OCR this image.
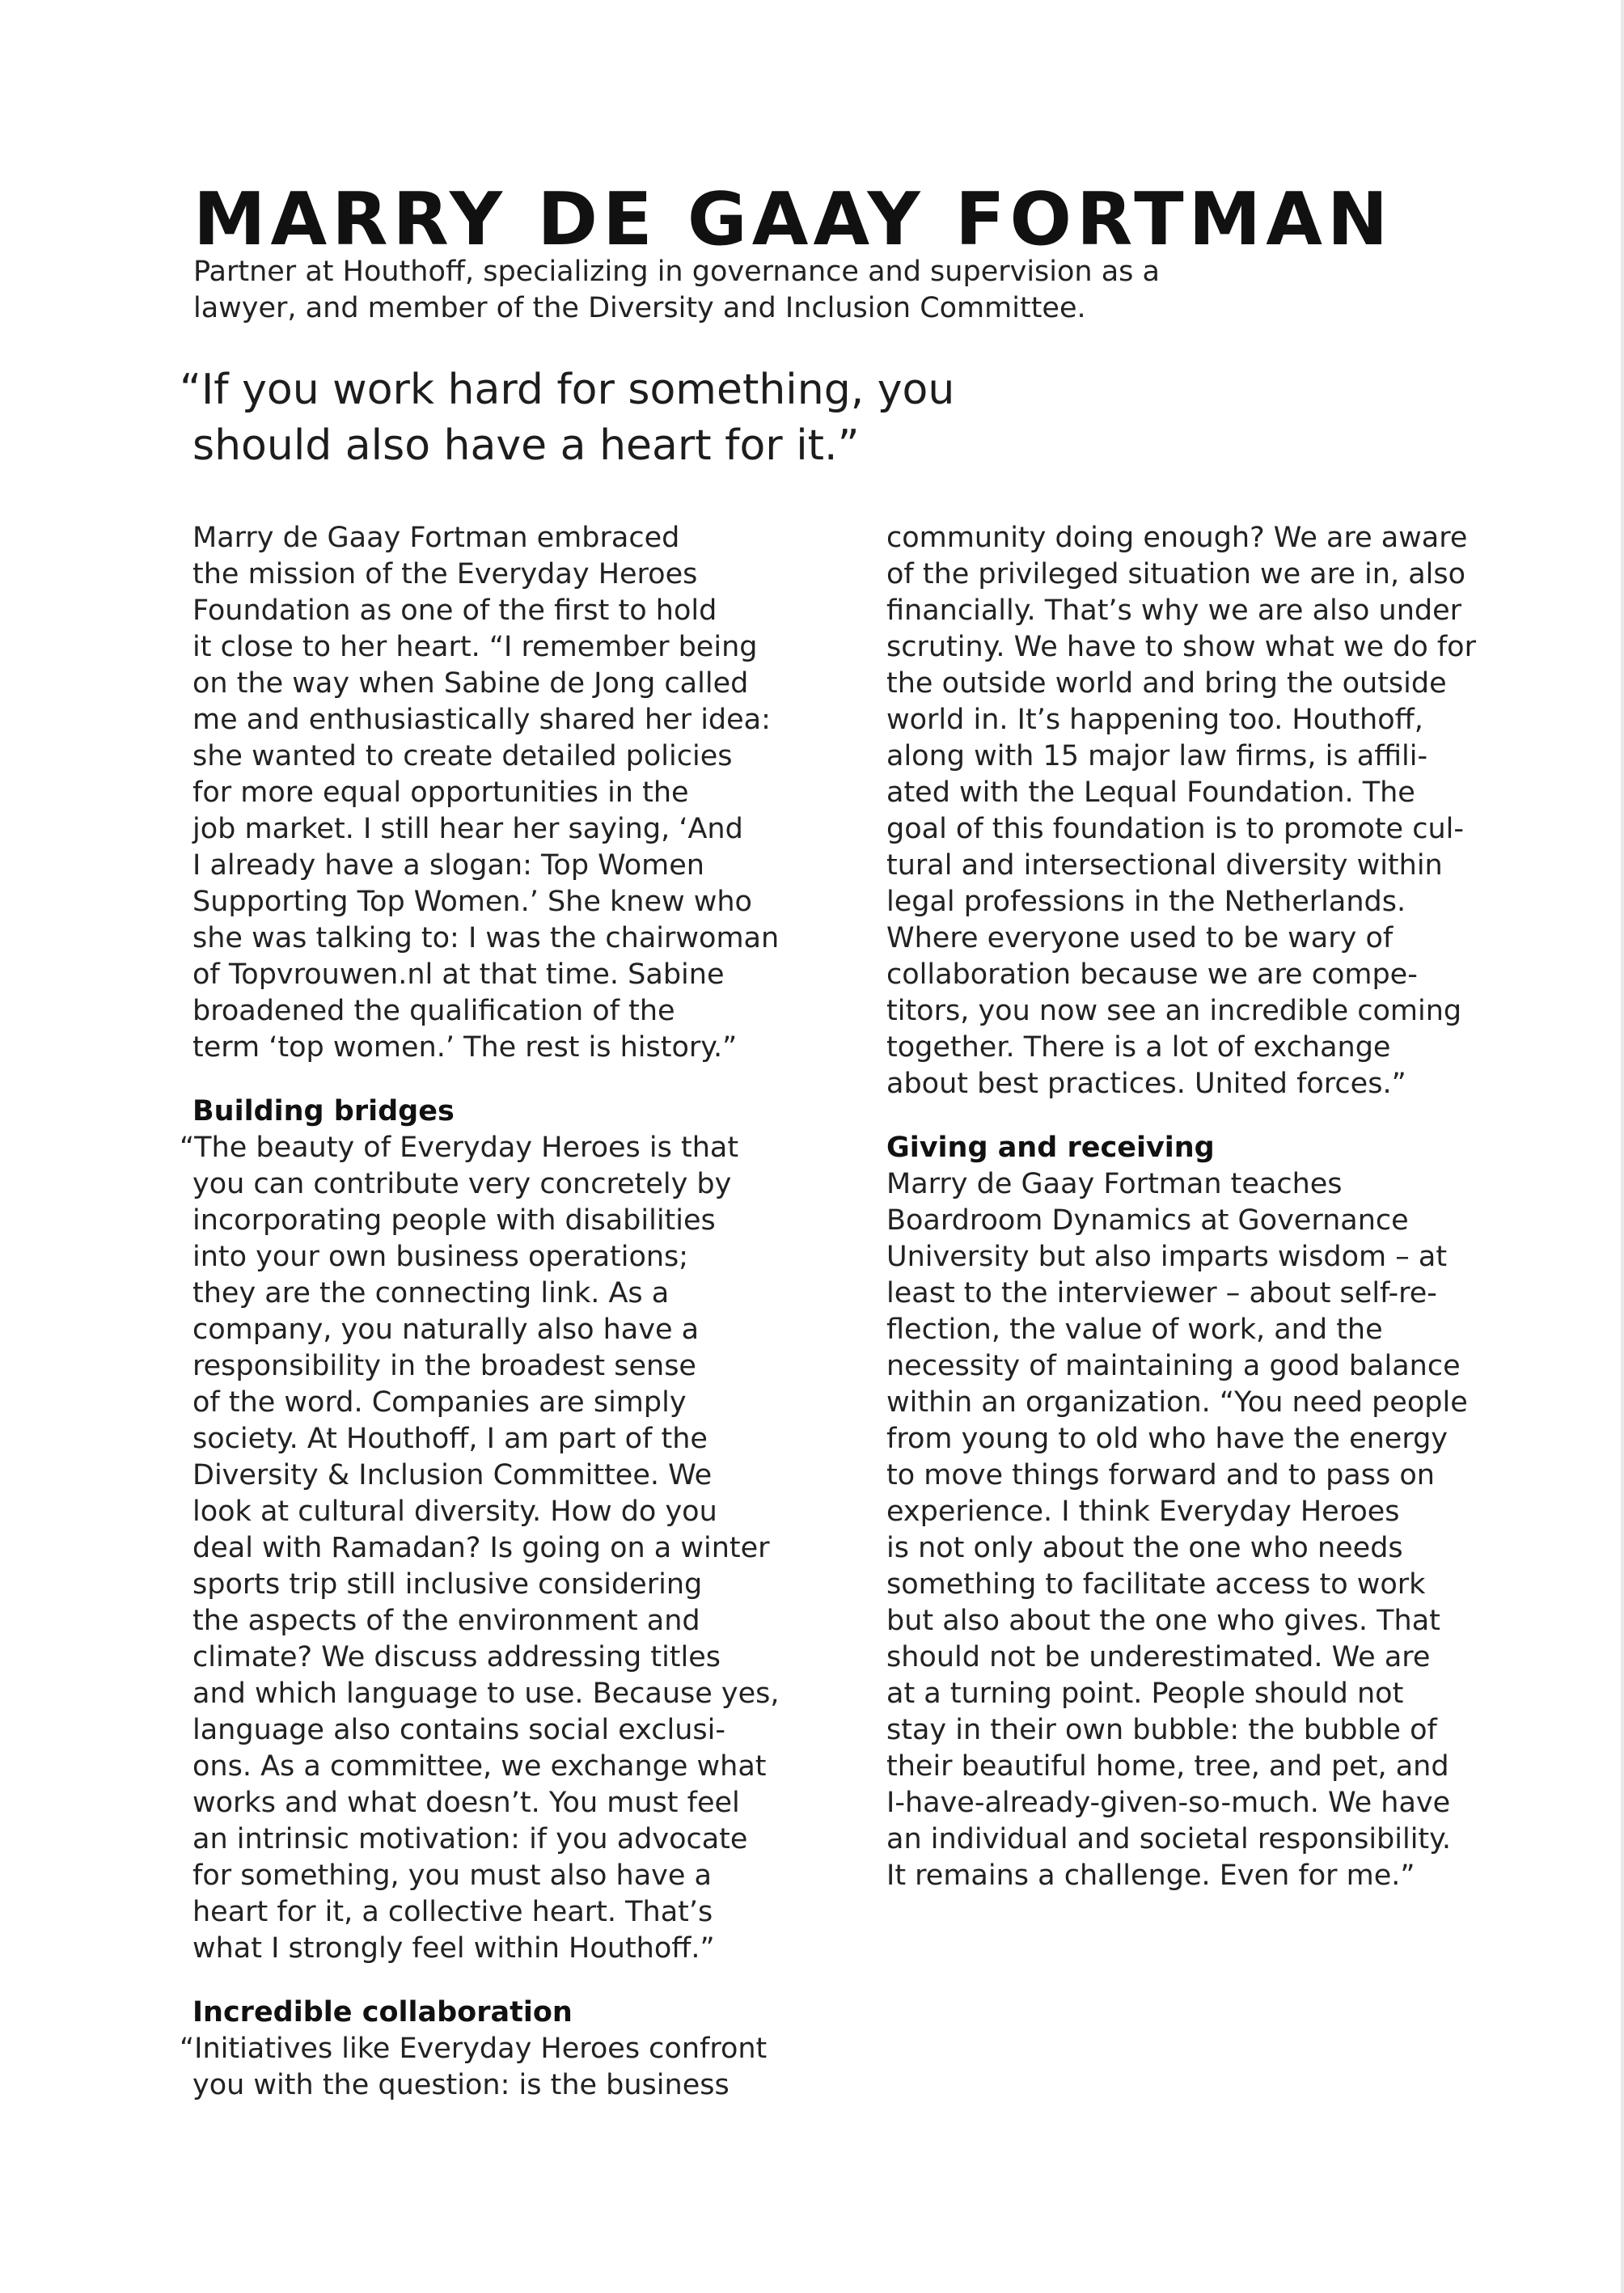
MARRY DE GAAY FORTMAN

Partner at Houthoff, specializing in governance and supervision as a
lawyer, and member of the Diversity and Inclusion Committee.

“If you work hard for something, you
should also have a heart for it.”

Marry de Gaay Fortman embraced
the mission of the Everyday Heroes
Foundation as one of the first to hold
it close to her heart. “I remember being
on the way when Sabine de Jong called
me and enthusiastically shared her idea:
she wanted to create detailed policies
for more equal opportunities in the
job market. I still hear her saying, ‘And
I already have a slogan: Top Women
Supporting Top Women.’ She knew who
she was talking to: I was the chairwoman
of Topvrouwen.nl at that time. Sabine
broadened the qualification of the
term ‘top women.’ The rest is history.”

Building bridges

“The beauty of Everyday Heroes is that
you can contribute very concretely by
incorporating people with disabilities
into your own business operations;
they are the connecting link. As a
company, you naturally also have a
responsibility in the broadest sense
of the word. Companies are simply
society. At Houthoff, I am part of the
Diversity & Inclusion Committee. We
look at cultural diversity. How do you
deal with Ramadan? Is going on a winter
sports trip still inclusive considering
the aspects of the environment and
climate? We discuss addressing titles
and which language to use. Because yes,
language also contains social exclusi-
ons. As a committee, we exchange what
works and what doesn’t. You must feel
an intrinsic motivation: if you advocate
for something, you must also have a
heart for it, a collective heart. That’s
what I strongly feel within Houthoff.”

Incredible collaboration

“Initiatives like Everyday Heroes confront
you with the question: is the business

community doing enough? We are aware
of the privileged situation we are in, also
financially. That’s why we are also under
scrutiny. We have to show what we do for
the outside world and bring the outside
world in. It’s happening too. Houthoff,
along with 15 major law firms, is affili-
ated with the Lequal Foundation. The
goal of this foundation is to promote cul-
tural and intersectional diversity within
legal professions in the Netherlands.
Where everyone used to be wary of
collaboration because we are compe-
titors, you now see an incredible coming
together. There is a lot of exchange
about best practices. United forces.”

Giving and receiving

Marry de Gaay Fortman teaches
Boardroom Dynamics at Governance
University but also imparts wisdom – at
least to the interviewer – about self-re-
flection, the value of work, and the
necessity of maintaining a good balance
within an organization. “You need people
from young to old who have the energy
to move things forward and to pass on
experience. I think Everyday Heroes
is not only about the one who needs
something to facilitate access to work
but also about the one who gives. That
should not be underestimated. We are
at a turning point. People should not
stay in their own bubble: the bubble of
their beautiful home, tree, and pet, and
I-have-already-given-so-much. We have
an individual and societal responsibility.
It remains a challenge. Even for me.”
